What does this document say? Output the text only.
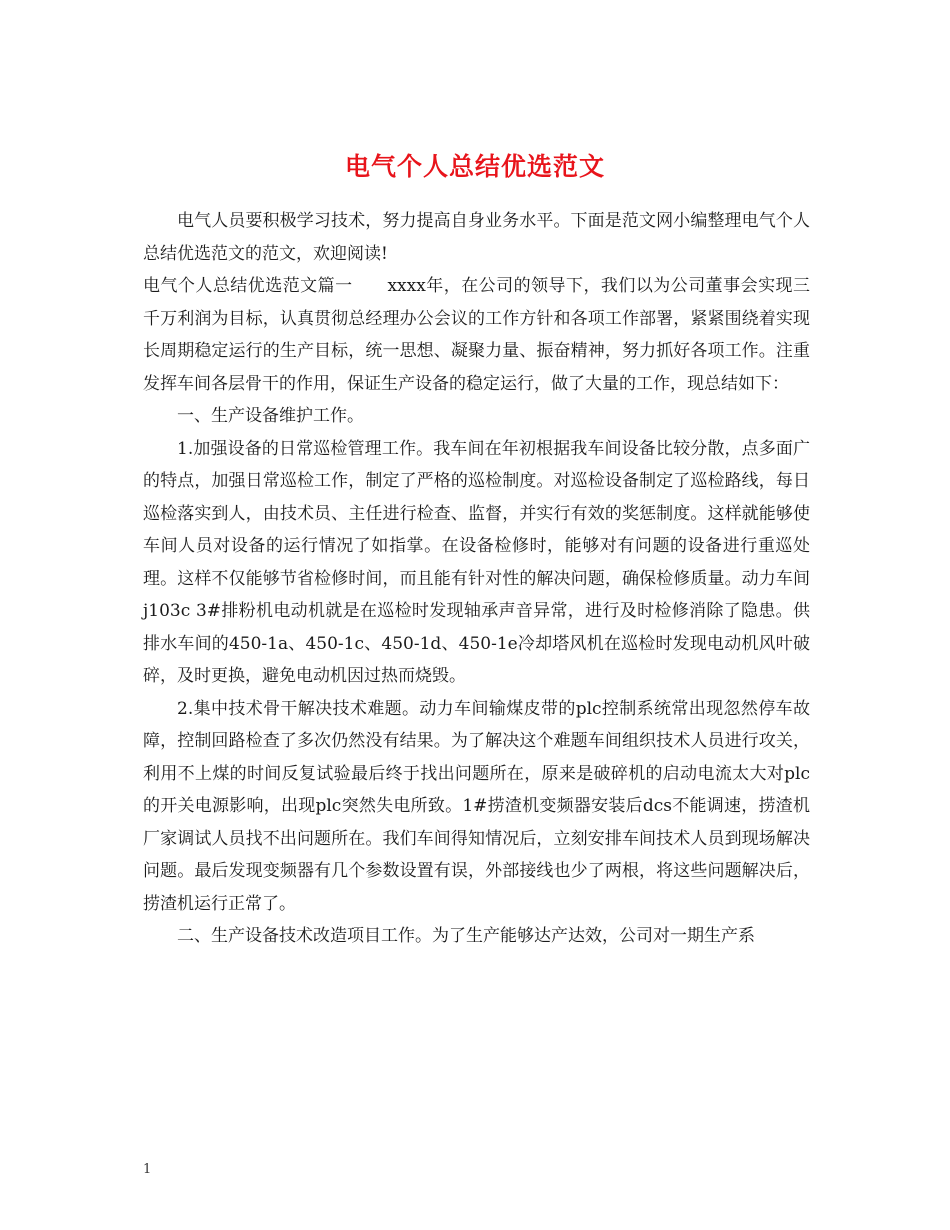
电气个人总结优选范文

电气人员要积极学习技术，努力提高自身业务水平。下面是范文网小编整理电气个人总结优选范文的范文，欢迎阅读!

电气个人总结优选范文篇一　　xxxx年，在公司的领导下，我们以为公司董事会实现三千万利润为目标，认真贯彻总经理办公会议的工作方针和各项工作部署，紧紧围绕着实现长周期稳定运行的生产目标，统一思想、凝聚力量、振奋精神，努力抓好各项工作。注重发挥车间各层骨干的作用，保证生产设备的稳定运行，做了大量的工作，现总结如下：

一、生产设备维护工作。

1.加强设备的日常巡检管理工作。我车间在年初根据我车间设备比较分散，点多面广的特点，加强日常巡检工作，制定了严格的巡检制度。对巡检设备制定了巡检路线，每日巡检落实到人，由技术员、主任进行检查、监督，并实行有效的奖惩制度。这样就能够使车间人员对设备的运行情况了如指掌。在设备检修时，能够对有问题的设备进行重巡处理。这样不仅能够节省检修时间，而且能有针对性的解决问题，确保检修质量。动力车间j103c 3#排粉机电动机就是在巡检时发现轴承声音异常，进行及时检修消除了隐患。供排水车间的450-1a、450-1c、450-1d、450-1e冷却塔风机在巡检时发现电动机风叶破碎，及时更换，避免电动机因过热而烧毁。

2.集中技术骨干解决技术难题。动力车间输煤皮带的plc控制系统常出现忽然停车故障，控制回路检查了多次仍然没有结果。为了解决这个难题车间组织技术人员进行攻关，利用不上煤的时间反复试验最后终于找出问题所在，原来是破碎机的启动电流太大对plc的开关电源影响，出现plc突然失电所致。1#捞渣机变频器安装后dcs不能调速，捞渣机厂家调试人员找不出问题所在。我们车间得知情况后，立刻安排车间技术人员到现场解决问题。最后发现变频器有几个参数设置有误，外部接线也少了两根，将这些问题解决后，捞渣机运行正常了。

二、生产设备技术改造项目工作。为了生产能够达产达效，公司对一期生产系

1
